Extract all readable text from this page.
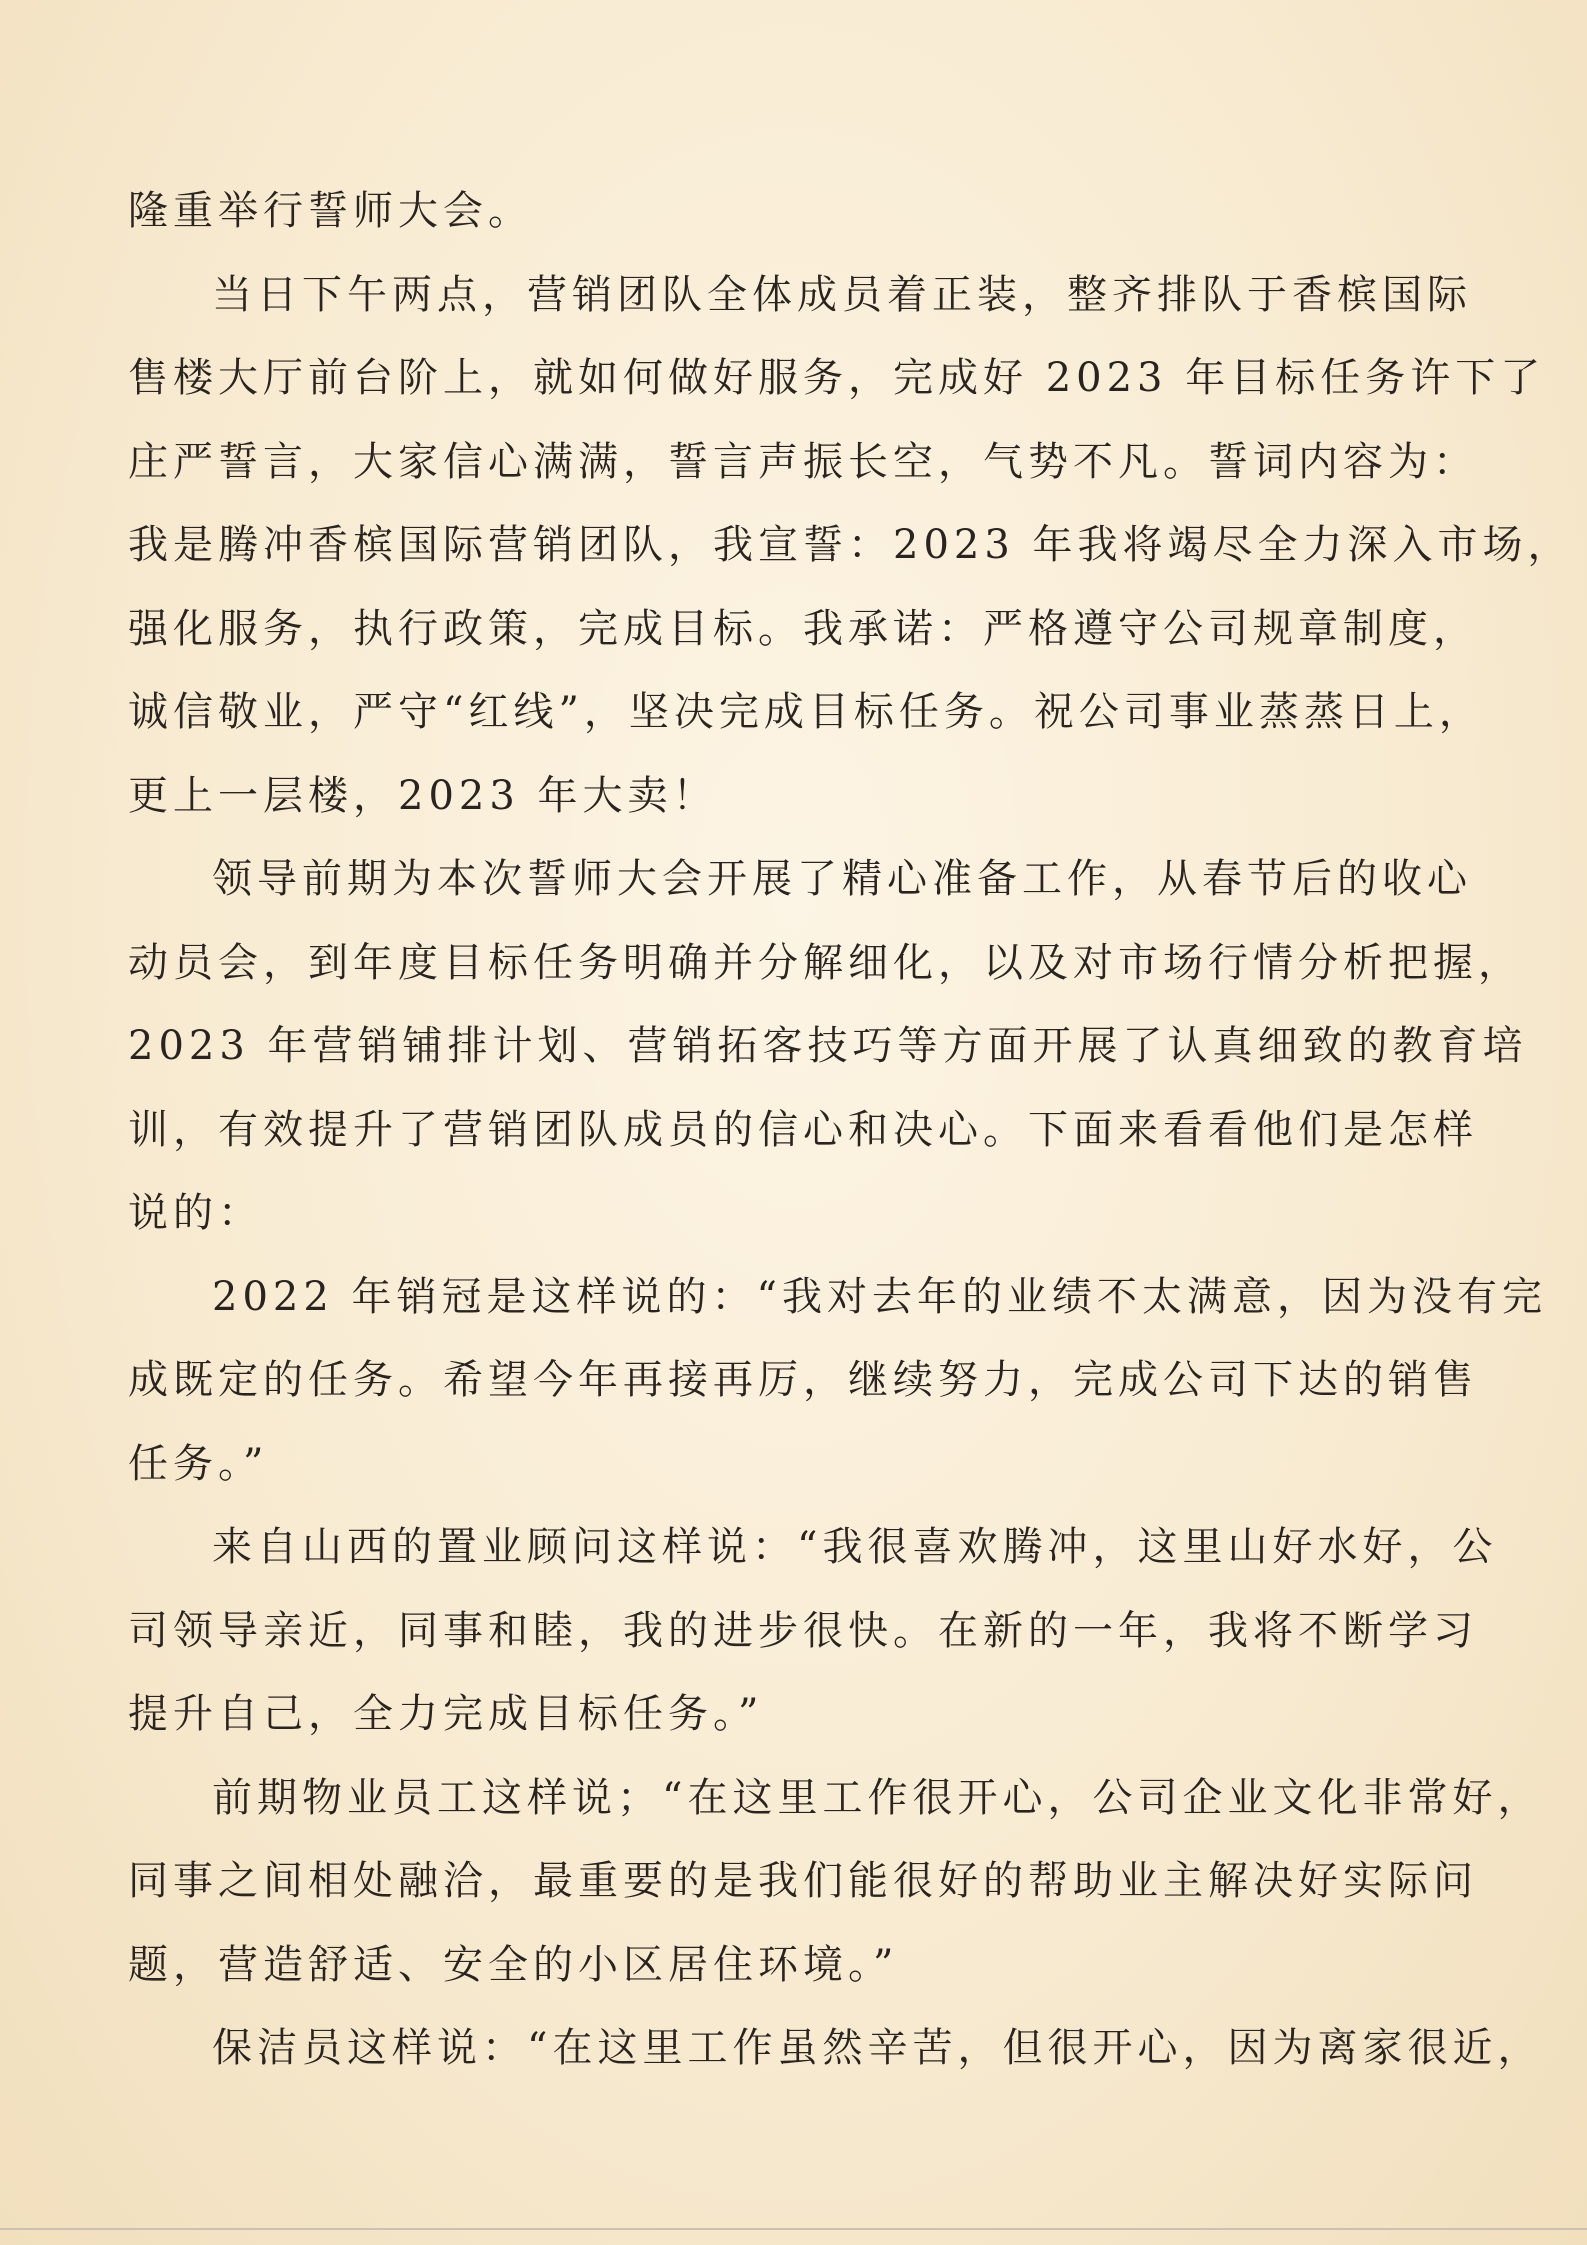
隆重举行誓师大会。
当日下午两点，营销团队全体成员着正装，整齐排队于香槟国际
售楼大厅前台阶上，就如何做好服务，完成好 2023 年目标任务许下了
庄严誓言，大家信心满满，誓言声振长空，气势不凡。誓词内容为：
我是腾冲香槟国际营销团队，我宣誓：2023 年我将竭尽全力深入市场，
强化服务，执行政策，完成目标。我承诺：严格遵守公司规章制度，
诚信敬业，严守“红线”，坚决完成目标任务。祝公司事业蒸蒸日上，
更上一层楼，2023 年大卖！
领导前期为本次誓师大会开展了精心准备工作，从春节后的收心
动员会，到年度目标任务明确并分解细化，以及对市场行情分析把握，
2023 年营销铺排计划、营销拓客技巧等方面开展了认真细致的教育培
训，有效提升了营销团队成员的信心和决心。下面来看看他们是怎样
说的：
2022 年销冠是这样说的：“我对去年的业绩不太满意，因为没有完
成既定的任务。希望今年再接再厉，继续努力，完成公司下达的销售
任务。”
来自山西的置业顾问这样说：“我很喜欢腾冲，这里山好水好，公
司领导亲近，同事和睦，我的进步很快。在新的一年，我将不断学习
提升自己，全力完成目标任务。”
前期物业员工这样说；“在这里工作很开心，公司企业文化非常好，
同事之间相处融洽，最重要的是我们能很好的帮助业主解决好实际问
题，营造舒适、安全的小区居住环境。”
保洁员这样说：“在这里工作虽然辛苦，但很开心，因为离家很近，
